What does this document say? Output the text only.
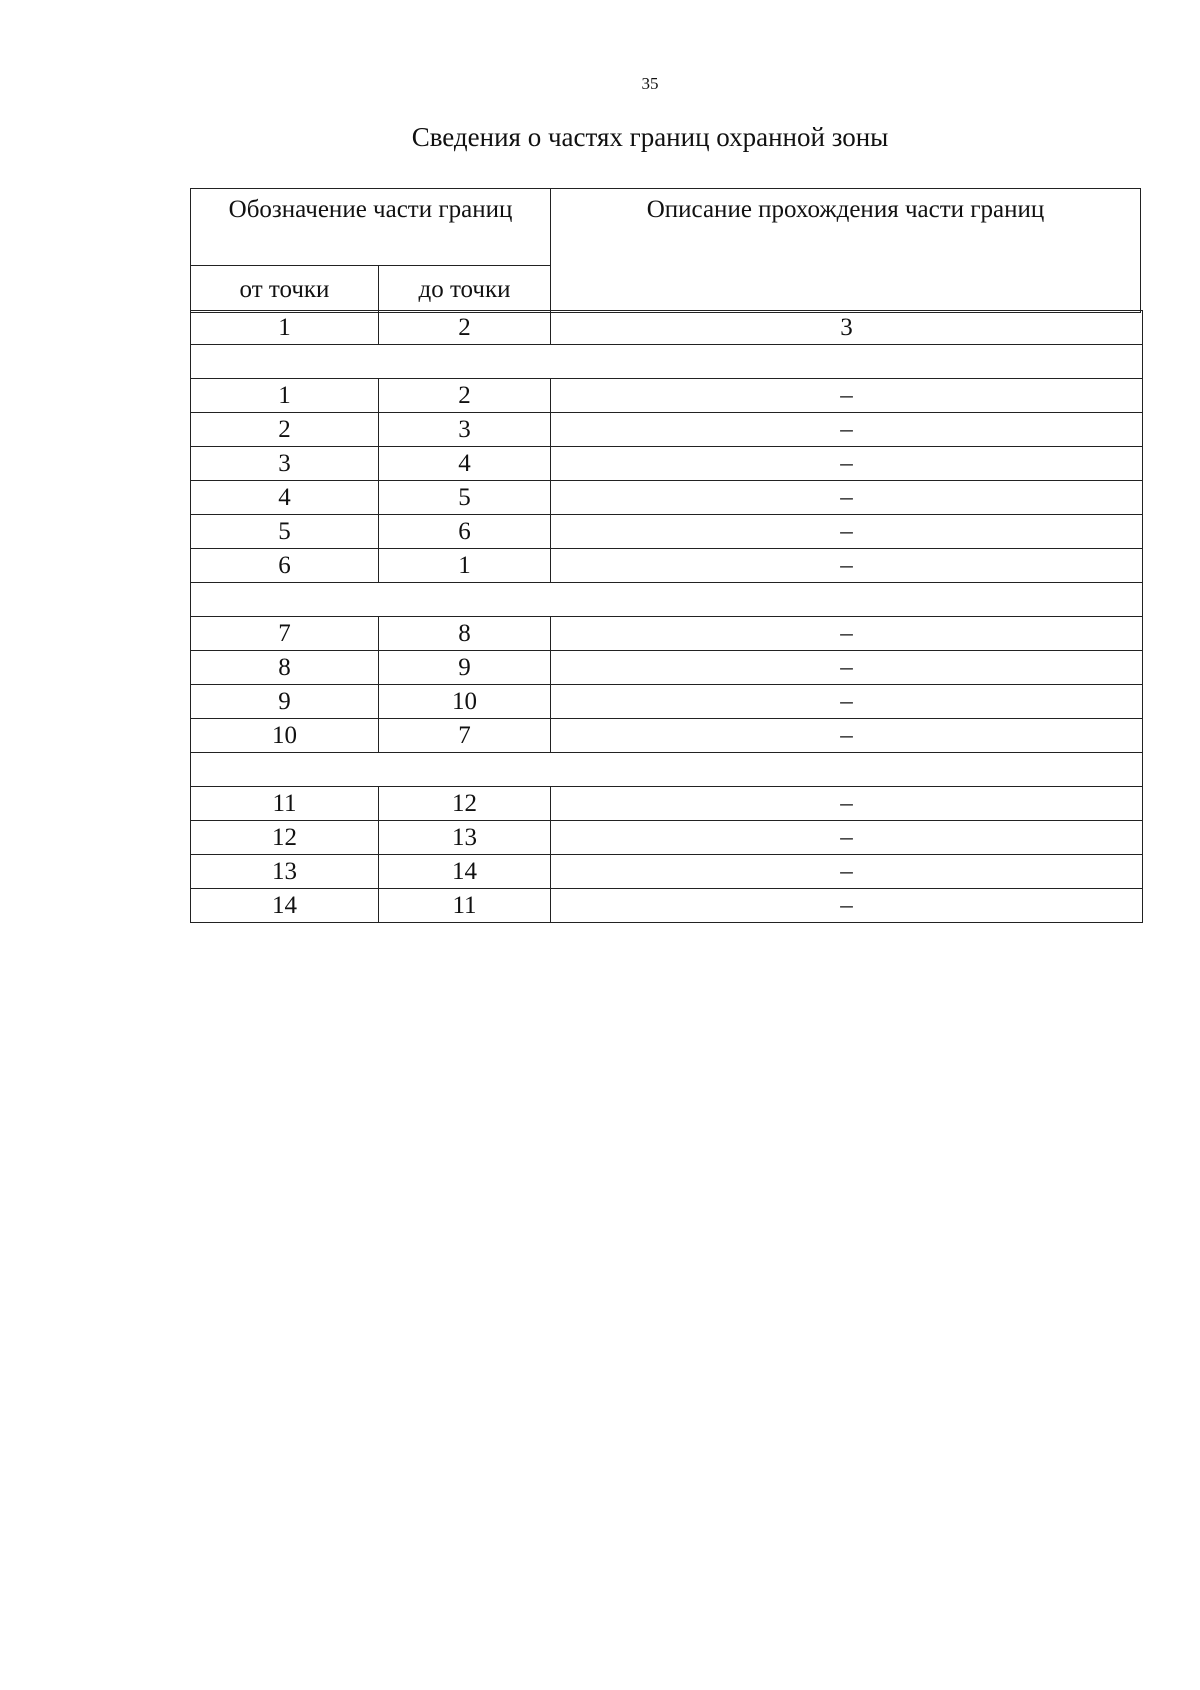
35
Сведения о частях границ охранной зоны
Обозначение части границ		Описание прохождения части границ
от точки	до точки	
1	2	3

1	2	–
2	3	–
3	4	–
4	5	–
5	6	–
6	1	–

7	8	–
8	9	–
9	10	–
10	7	–

11	12	–
12	13	–
13	14	–
14	11	–
